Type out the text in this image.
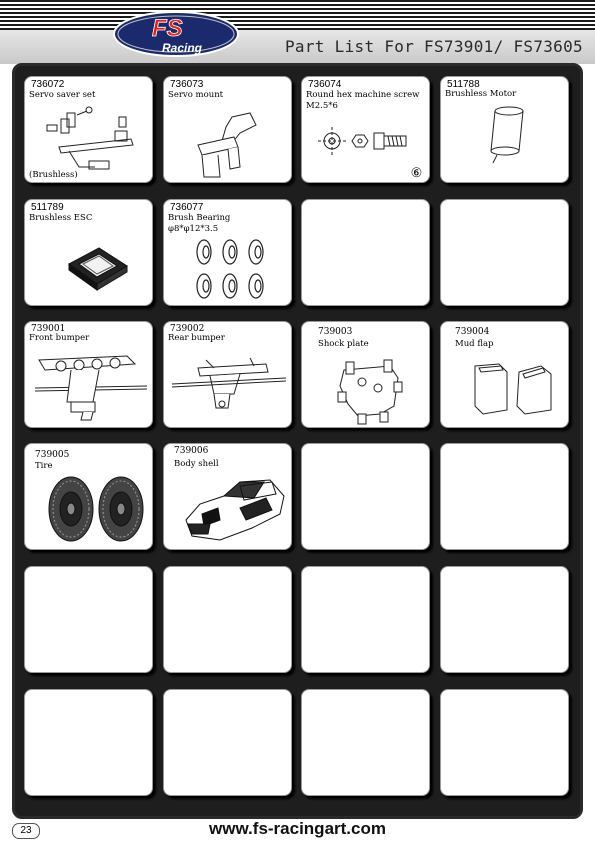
FS
Racing	Part List For FS73901/ FS73605
736072
Servo saver set
(Brushless)
736073
Servo mount
736074
Round hex machine screw
M2.5*6
⑥
511788
Brushless Motor
511789
Brushless ESC
736077
Brush Bearing
φ8*φ12*3.5
739001
Front bumper
739002
Rear bumper
739003
Shock plate
739004
Mud flap
739005
Tire
739006
Body shell
23	www.fs-racingart.com
